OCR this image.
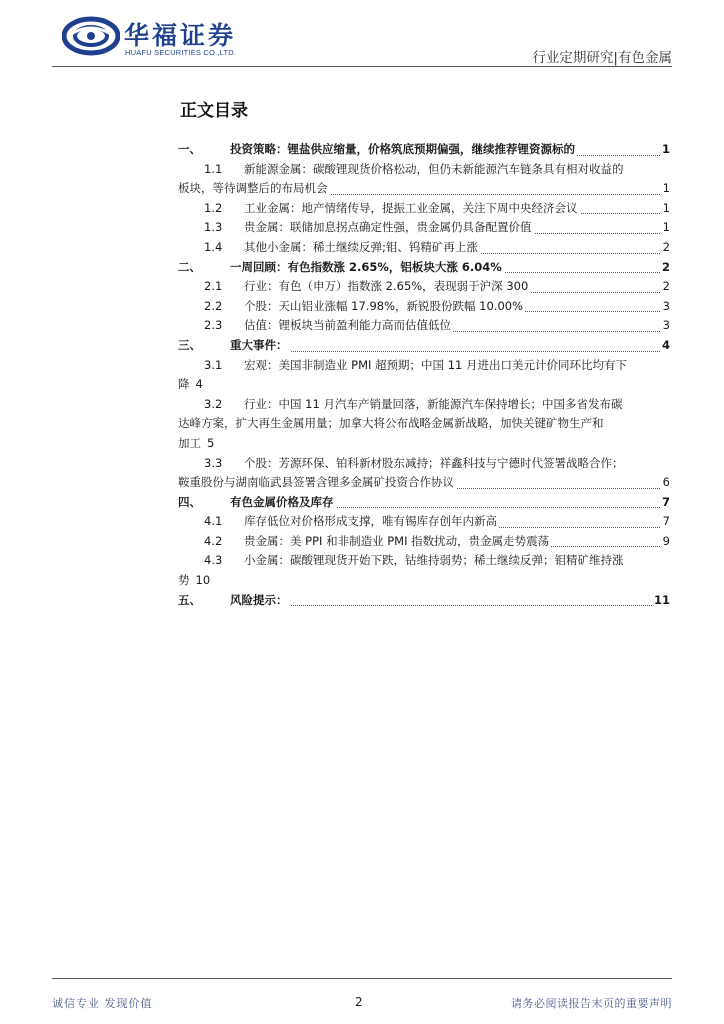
华福证券
HUAFU SECURITIES CO.,LTD.	行业定期研究|有色金属
正文目录
一、	投资策略：锂盐供应缩量，价格筑底预期偏强，继续推荐锂资源标的	1
1.1 新能源金属：碳酸锂现货价格松动，但仍未新能源汽车链条具有相对收益的
板块，等待调整后的布局机会	1
1.2 工业金属：地产情绪传导，提振工业金属，关注下周中央经济会议	1
1.3 贵金属：联储加息拐点确定性强，贵金属仍具备配置价值	1
1.4 其他小金属：稀土继续反弹;钼、钨精矿再上涨	2
二、	一周回顾：有色指数涨 2.65%，铝板块大涨 6.04%	2
2.1 行业：有色（申万）指数涨 2.65%，表现弱于沪深 300	2
2.2 个股：天山铝业涨幅 17.98%，新锐股份跌幅 10.00%	3
2.3 估值：锂板块当前盈利能力高而估值低位	3
三、	重大事件：	4
3.1 宏观：美国非制造业 PMI 超预期；中国 11 月进出口美元计价同环比均有下
降 4
3.2 行业：中国 11 月汽车产销量回落，新能源汽车保持增长；中国多省发布碳
达峰方案，扩大再生金属用量；加拿大将公布战略金属新战略，加快关键矿物生产和
加工 5
3.3 个股：芳源环保、铂科新材股东减持；祥鑫科技与宁德时代签署战略合作；
鞍重股份与湖南临武县签署含锂多金属矿投资合作协议	6
四、	有色金属价格及库存	7
4.1 库存低位对价格形成支撑，唯有锡库存创年内新高	7
4.2 贵金属：美 PPI 和非制造业 PMI 指数扰动，贵金属走势震荡	9
4.3 小金属：碳酸锂现货开始下跌，钴维持弱势；稀土继续反弹；钼精矿维持涨
势 10
五、	风险提示：	11
诚信专业 发现价值	2	请务必阅读报告末页的重要声明
